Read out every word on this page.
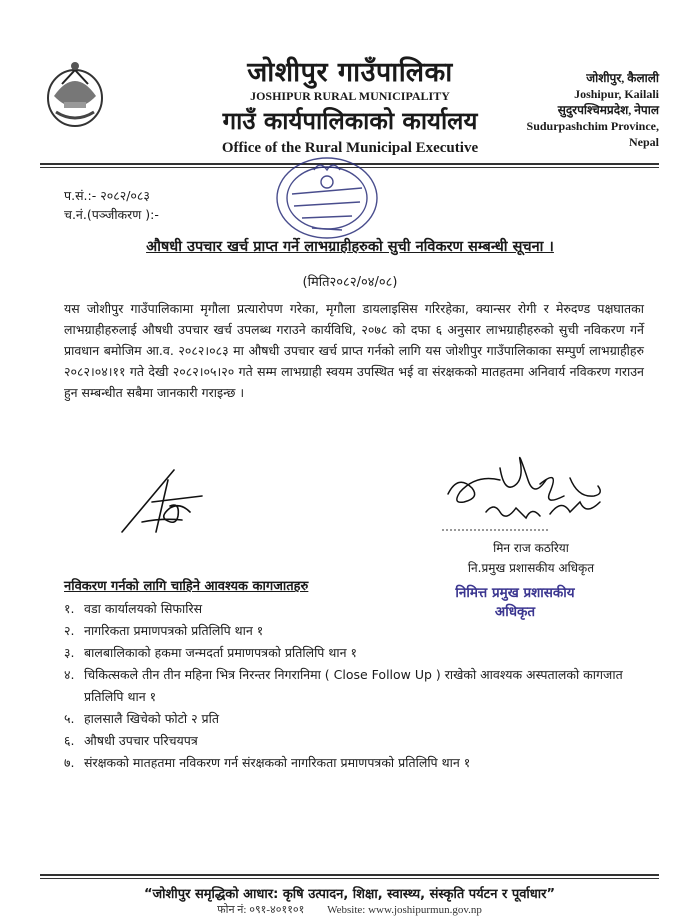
जोशीपुर गाउँपालिका
JOSHIPUR RURAL MUNICIPALITY
गाउँ कार्यपालिकाको कार्यालय
Office of the Rural Municipal Executive
जोशीपुर, कैलाली
Joshipur, Kailali
सुदुरपश्चिमप्रदेश, नेपाल
Sudurpashchim Province,
Nepal
प.सं.:- २०८२/०८३
च.नं.(पञ्जीकरण ):-
औषधी उपचार खर्च प्राप्त गर्ने लाभग्राहीहरुको सुची नविकरण सम्बन्धी सूचना ।
(मिति२०८२/०४/०८)
यस जोशीपुर गाउँपालिकामा मृगौला प्रत्यारोपण गरेका, मृगौला डायलाइसिस गरिरहेका, क्यान्सर रोगी र मेरुदण्ड पक्षघातका लाभग्राहीहरुलाई औषधी उपचार खर्च उपलब्ध गराउने कार्यविधि, २०७८ को दफा ६ अनुसार लाभग्राहीहरुको सुची नविकरण गर्ने प्रावधान बमोजिम आ.व. २०८२।०८३ मा औषधी उपचार खर्च प्राप्त गर्नको लागि यस जोशीपुर गाउँपालिकाका सम्पुर्ण लाभग्राहीहरु २०८२।०४।११ गते देखी २०८२।०५।२० गते सम्म लाभग्राही स्वयम उपस्थित भई वा संरक्षकको मातहतमा अनिवार्य नविकरण गराउन हुन सम्बन्धीत सबैमा जानकारी गराइन्छ ।
मिन राज कठरिया
नि.प्रमुख प्रशासकीय अधिकृत
निमित्त प्रमुख प्रशासकीय
अधिकृत
नविकरण गर्नको लागि चाहिने आवश्यक कागजातहरु
१. वडा कार्यालयको सिफारिस
२. नागरिकता प्रमाणपत्रको प्रतिलिपि थान १
३. बालबालिकाको हकमा जन्मदर्ता प्रमाणपत्रको प्रतिलिपि थान १
४. चिकित्सकले तीन तीन महिना भित्र निरन्तर निगरानिमा ( Close Follow Up ) राखेको आवश्यक अस्पतालको कागजात प्रतिलिपि थान १
५. हालसालै खिचेको फोटो २ प्रति
६. औषधी उपचार परिचयपत्र
७. संरक्षकको मातहतमा नविकरण गर्न संरक्षकको नागरिकता प्रमाणपत्रको प्रतिलिपि थान १
“जोशीपुर समृद्धिको आधार: कृषि उत्पादन, शिक्षा, स्वास्थ्य, संस्कृति पर्यटन र पूर्वाधार”
फोन नं: ०९१-४०११०१ Website: www.joshipurmun.gov.np
